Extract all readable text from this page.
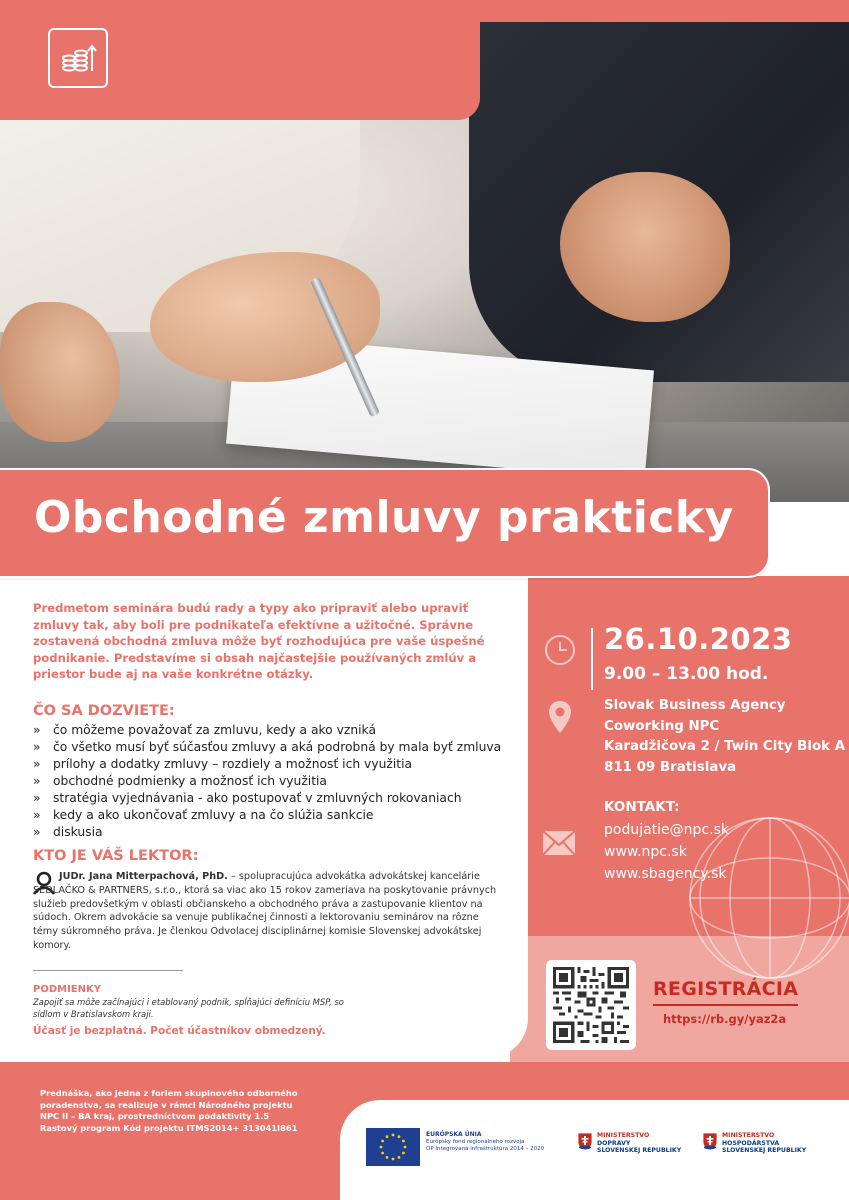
Obchodné zmluvy prakticky

Predmetom seminára budú rady a typy ako pripraviť alebo upraviť zmluvy tak, aby boli pre podnikateľa efektívne a užitočné. Správne zostavená obchodná zmluva môže byť rozhodujúca pre vaše úspešné podnikanie. Predstavíme si obsah najčastejšie používaných zmlúv a priestor bude aj na vaše konkrétne otázky.

ČO SA DOZVIETE:
» čo môžeme považovať za zmluvu, kedy a ako vzniká
» čo všetko musí byť súčasťou zmluvy a aká podrobná by mala byť zmluva
» prílohy a dodatky zmluvy – rozdiely a možnosť ich využitia
» obchodné podmienky a možnosť ich využitia
» stratégia vyjednávania - ako postupovať v zmluvných rokovaniach
» kedy a ako ukončovať zmluvy a na čo slúžia sankcie
» diskusia
KTO JE VÁŠ LEKTOR:

JUDr. Jana Mitterpachová, PhD. – spolupracujúca advokátka advokátskej kancelárie SEDLAČKO & PARTNERS, s.r.o., ktorá sa viac ako 15 rokov zameriava na poskytovanie právnych služieb predovšetkým v oblasti občianskeho a obchodného práva a zastupovanie klientov na súdoch. Okrem advokácie sa venuje publikačnej činnosti a lektorovaniu seminárov na rôzne témy súkromného práva. Je členkou Odvolacej disciplinárnej komisie Slovenskej advokátskej komory.

PODMIENKY

Zapojiť sa môže začínajúci i etablovaný podnik, spĺňajúci definíciu MSP, so sídlom v Bratislavskom kraji.

Účasť je bezplatná. Počet účastníkov obmedzený.
26.10.2023
9.00 – 13.00 hod.
Slovak Business Agency
Coworking NPC
Karadžičova 2 / Twin City Blok A
811 09 Bratislava
KONTAKT:
podujatie@npc.sk
www.npc.sk
www.sbagency.sk
REGISTRÁCIA
https://rb.gy/yaz2a

Prednáška, ako jedna z foriem skupinového odborného poradenstva, sa realizuje v rámci Národného projektu NPC II – BA kraj, prostredníctvom podaktivity 1.5 Rastový program Kód projektu ITMS2014+ 313041I861

EURÓPSKA ÚNIA
Európsky fond regionálneho rozvoja
OP Integrovaná infraštruktúra 2014 – 2020
MINISTERSTVO
DOPRAVY
SLOVENSKEJ REPUBLIKY
MINISTERSTVO
HOSPODÁRSTVA
SLOVENSKEJ REPUBLIKY
